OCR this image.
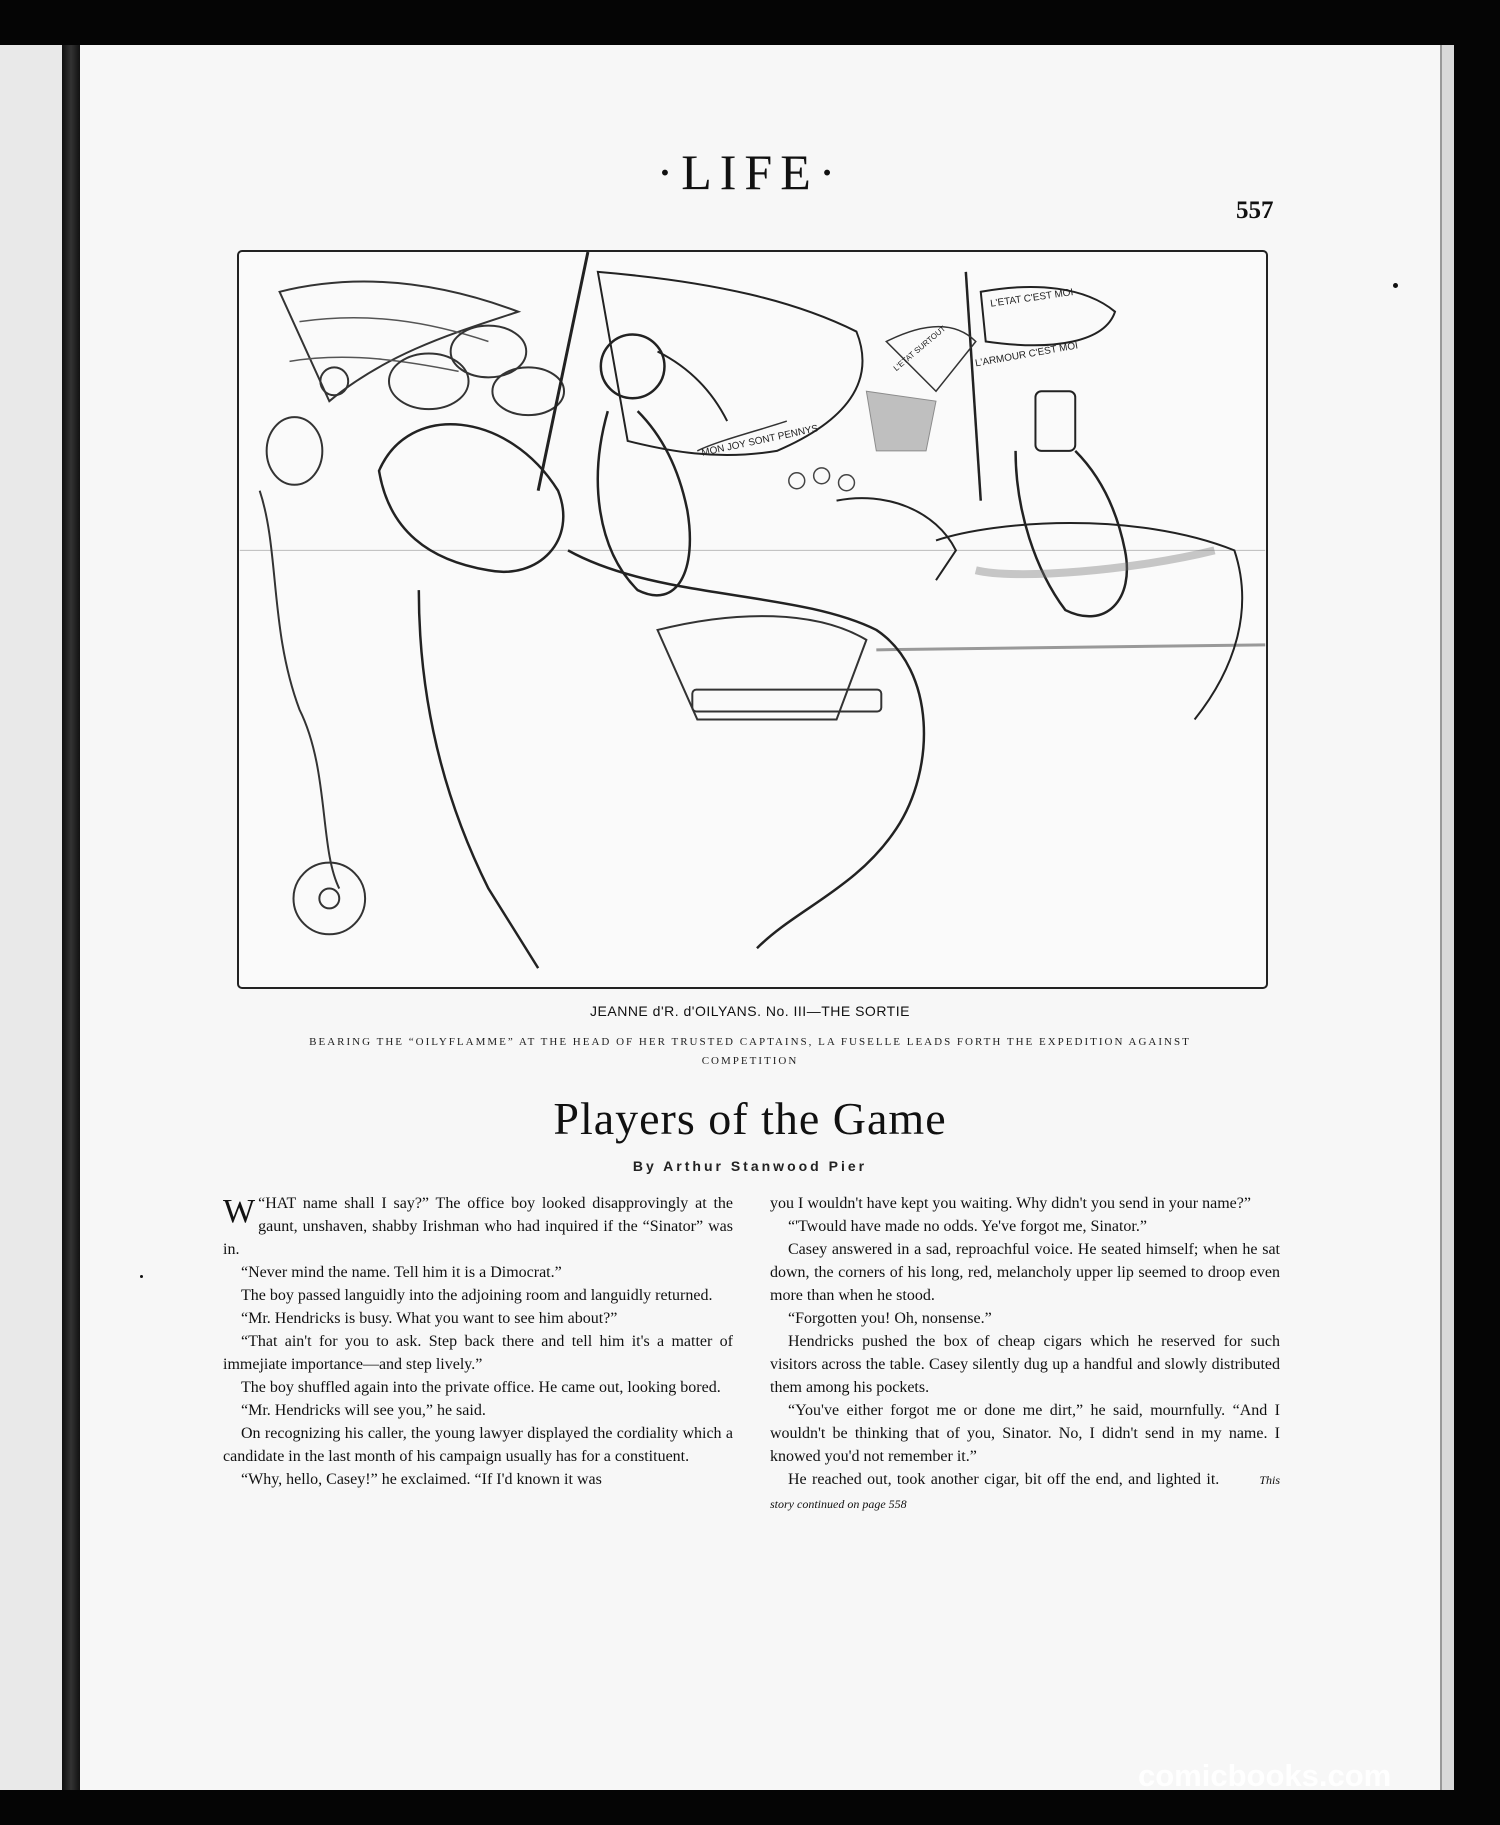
·LIFE·
557
MON JOY SONT PENNYS
L'ETAT C'EST MOI
L'ARMOUR C'EST MOI
L'ETAT SURTOUT
JEANNE d'R. d'OILYANS. No. III—THE SORTIE
BEARING THE “OILYFLAMME” AT THE HEAD OF HER TRUSTED CAPTAINS, LA FUSELLE LEADS FORTH THE EXPEDITION AGAINST COMPETITION
Players of the Game
By Arthur Stanwood Pier

“
W HAT name shall I say?” The office boy looked disapprovingly at the gaunt, unshaven, shabby Irishman who had inquired if the “Sinator” was in.

“Never mind the name. Tell him it is a Dimocrat.”

The boy passed languidly into the adjoining room and languidly returned.

“Mr. Hendricks is busy. What you want to see him about?”

“That ain't for you to ask. Step back there and tell him it's a matter of immejiate importance—and step lively.”

The boy shuffled again into the private office. He came out, looking bored.

“Mr. Hendricks will see you,” he said.

On recognizing his caller, the young lawyer displayed the cordiality which a candidate in the last month of his campaign usually has for a constituent.

“Why, hello, Casey!” he exclaimed. “If I'd known it was

you I wouldn't have kept you waiting. Why didn't you send in your name?”

“'Twould have made no odds. Ye've forgot me, Sinator.”

Casey answered in a sad, reproachful voice. He seated himself; when he sat down, the corners of his long, red, melancholy upper lip seemed to droop even more than when he stood.

“Forgotten you! Oh, nonsense.”

Hendricks pushed the box of cheap cigars which he reserved for such visitors across the table. Casey silently dug up a handful and slowly distributed them among his pockets.

“You've either forgot me or done me dirt,” he said, mournfully. “And I wouldn't be thinking that of you, Sinator. No, I didn't send in my name. I knowed you'd not remember it.”

He reached out, took another cigar, bit off the end, and lighted it.	This story continued on page 558

comicbooks.com
